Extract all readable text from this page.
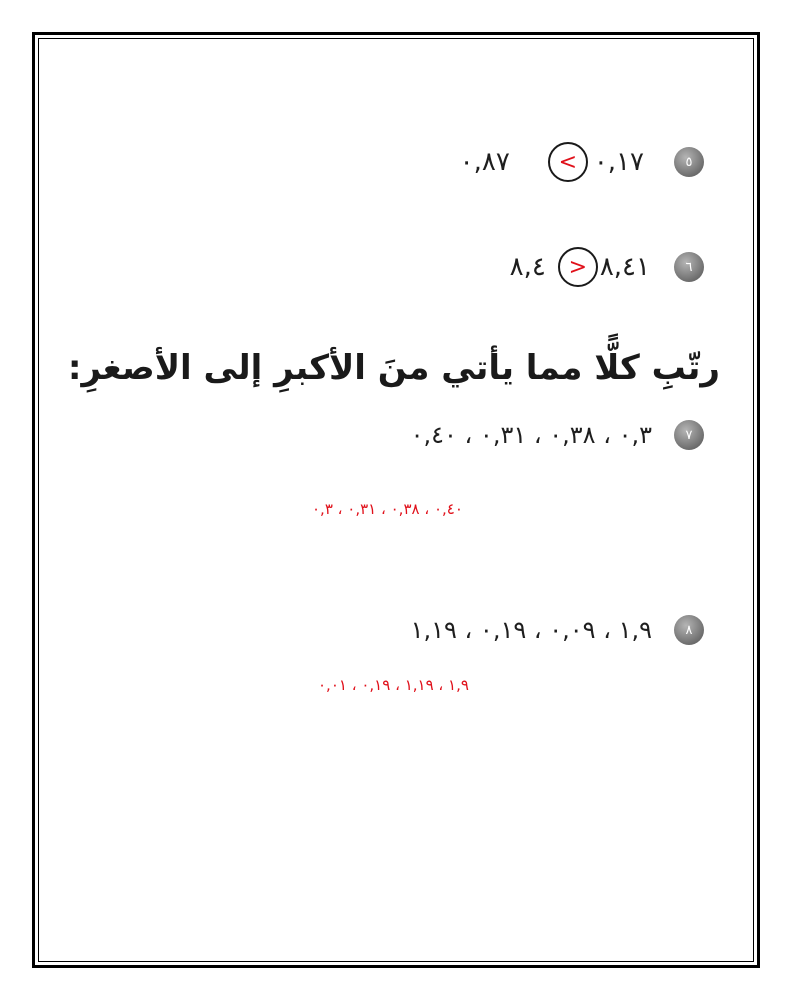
٥
٠,١٧
>
٠,٨٧
٦
٨,٤١
<
٨,٤
رتّبِ كلًّا مما يأتي منَ الأكبرِ إلى الأصغرِ:
٧
٠,٣ ، ٠,٣٨ ، ٠,٣١ ، ٠,٤٠
٠,٤٠ ، ٠,٣٨ ، ٠,٣١ ، ٠,٣
٨
١,٩ ، ٠,٠٩ ، ٠,١٩ ، ١,١٩
١,٩ ، ١,١٩ ، ٠,١٩ ، ٠,٠١
